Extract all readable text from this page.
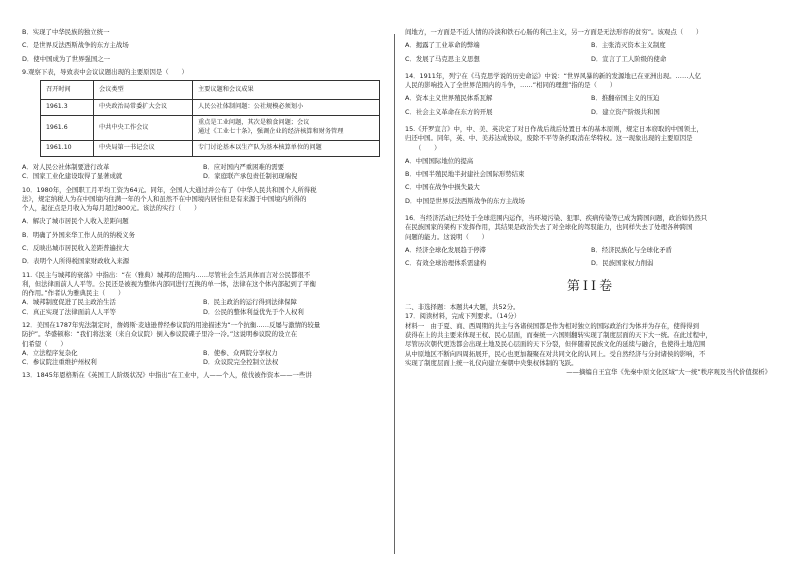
B．实现了中华民族的独立统一
C．是世界反法西斯战争的东方主战场
D．使中国成为了世界强国之一
9.观察下表，导致表中会议议题出现的主要原因是（　　）
召开时间	会议类型	主要议题和会议成果
1961.3	中央政治局常委扩大会议	人民公社体制问题：公社规模必须划小
1961.6	中共中央工作会议	重点是工业问题，其次是粮食问题；会议
通过《工业七十条》，强调企业的经济核算和财务管理

1961.10	中央局第一书记会议	专门讨论基本以生产队为基本核算单位的问题
A．对人民公社体制要进行改革	B．应对国内严重困难的需要
C．国家工业化建设取得了显著成就	D．家庭联产承包责任制初现端倪
10．1980年，全国职工月平均工资为64元。同年，全国人大通过并公布了《中华人民共和国个人所得税
法》，规定纳税人为在中国境内住满一年的个人和虽然不在中国境内居住但是有来源于中国境内所得的
个人，起征点是月收入为每月超过800元。该法的实行（　　）
A．解决了城市居民个人收入差距问题
B．明确了外国来华工作人员的纳税义务
C．反映出城市居民收入差距普遍拉大
D．表明个人所得税国家财政收入来源
11.《民主与城邦的衰落》中指出：“在（雅典）城邦的范围内……尽管社会生活具体而言对公民都很不
利，但法律面前人人平等。公民还是被视为整体内部同进行互换的单一体，法律在这个体内部起到了平衡
的作用。”作者认为雅典民主（　　）
A．城邦制度促进了民主政治生活	B．民主政治的运行得到法律保障
C．真正实现了法律面前人人平等	D．公民的整体利益优先于个人权利
12．美国在1787年宪法制定时，詹姆斯·麦迪逊曾经参议院的用途描述为“一个抗衡……反屡与激情的较量
防护”。华盛顿称：“我们将法案（来自众议院）倒入参议院碟子里冷一冷。”这说明参议院的设立在
们希望（　　）
A．立法程序复杂化	B．使参、众两院分享权力
C．参议院注重维护州权利	D．众议院完全控制立法权
13．1845年恩格斯在《英国工人阶级状况》中指出“在工业中，人——个人，侬伐被作资本——一些讲
间地方，一方面是不近人情的冷淡和铁石心肠的利己主义，另一方面是无法形容的贫穷”。该观点（　　）
A．揭露了工业革命的弊端	B．主张消灭资本主义制度
C．发展了马克思主义思想	D．宣言了工人阶级的使命
14．1911年，列宁在《马克思学说的历史命运》中说：“世界风暴的新的发源地已在亚洲出现。……人亿
人民的影响投入了全世界范围内的斗争，……”相同的理想”指的是（　　）
A．资本主义世界殖民体系瓦解	B．推翻帝国主义的压迫
C．社会主义革命在东方的开展	D．建立资产阶级共和国
15.《开罗宣言》中，中、美、英决定了对日作战后战后处置日本的基本原则，规定日本窃取的中国领土，
归还中国。同年，英、中、美苏达成协议，废除不平等条约取消在华特权。这一现象出现的主要原因是
（　　）
A．中国国际地位的提高
B．中国半殖民地半封建社会国际形势结束
C．中国在战争中损失最大
D．中国是世界反法西斯战争的东方主战场
16．当经济活动已经处于全球范围内运作，当环境污染、犯罪、疾病传染等已成为跨国问题，政治如仍然只
在民族国家的架构下发挥作用，其结果是政治失去了对全球化的驾驭能力，也同样失去了处理各种跨国
问题的能力。这说明（　　）
A．经济全球化发展趋于停滞	B．经济民族化与全球化矛盾
C．有效全球治理体系需建构	D．民族国家权力削弱
第II卷
二、非选择题：本题共4大题，共52分。
17．阅读材料，完成下列要求。（14分）
材料一　由于夏、商、西周期的共主与各诸侯国都是作为相对独立的国际政治行为体并为存在，使得得到
获得在上的共主要来体现王权、民心层面，而秦统一六国则翻转实现了制度层面的天下大一统。在此过程中，
尽管历次朝代更迭都会出现土地及民心层面的天下分裂，但伴随着民族文化的延续与融合，也使得土地范围
从中原地区不断向四周拓展开，民心也更加凝聚在对共同文化的认同上。受自然经济与分封诸侯的影响，不
实现了制度层面上统一礼仪向建立秦朝中央集权体制的飞跃。
——摘编自王宜华《先秦中原文化区域“大一统”秩序观及当代价值探析》
